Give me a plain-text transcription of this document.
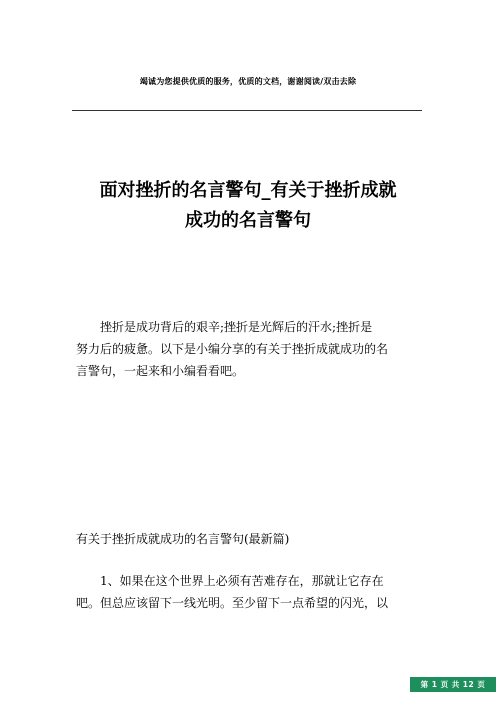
竭诚为您提供优质的服务，优质的文档，谢谢阅读/双击去除
面对挫折的名言警句_有关于挫折成就
成功的名言警句
　　挫折是成功背后的艰辛;挫折是光辉后的汗水;挫折是
努力后的疲惫。以下是小编分享的有关于挫折成就成功的名
言警句，一起来和小编看看吧。
有关于挫折成就成功的名言警句(最新篇)
　　1、如果在这个世界上必须有苦难存在，那就让它存在
吧。但总应该留下一线光明。至少留下一点希望的闪光，以
第 1 页 共 12 页
